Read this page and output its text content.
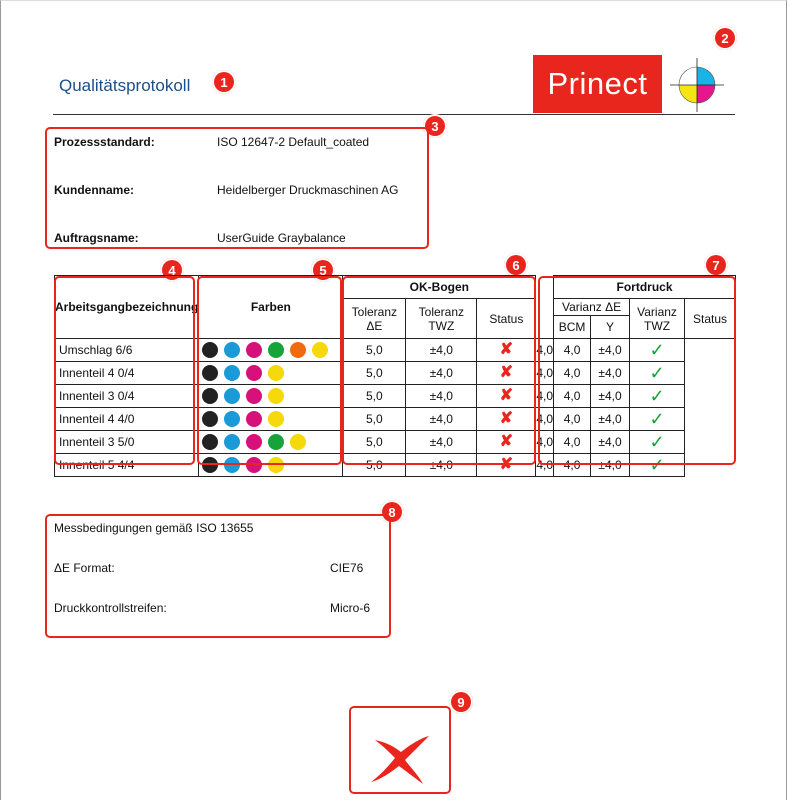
Qualitätsprotokoll	Prinect
1
2
3
4	5	6	7
8
9
Prozessstandard:	ISO 12647-2 Default_coated
Kundenname:	Heidelberger Druckmaschinen AG
Auftragsname:	UserGuide Graybalance
Arbeitsgangbezeichnung	Farben	OK-Bogen				Fortdruck			
		Toleranz ΔE	Toleranz TWZ	Status		Varianz ΔE		Varianz TWZ	Status
						BCM	Y		
Umschlag 6/6		5,0	±4,0	✘	4,0	4,0	±4,0	✓	
Innenteil 4 0/4		5,0	±4,0	✘	4,0	4,0	±4,0	✓	
Innenteil 3 0/4		5,0	±4,0	✘	4,0	4,0	±4,0	✓	
Innenteil 4 4/0		5,0	±4,0	✘	4,0	4,0	±4,0	✓	
Innenteil 3 5/0		5,0	±4,0	✘	4,0	4,0	±4,0	✓	
Innenteil 5 4/4		5,0	±4,0	✘	4,0	4,0	±4,0	✓	
Messbedingungen gemäß ISO 13655
ΔE Format:	CIE76
Druckkontrollstreifen:	Micro-6
